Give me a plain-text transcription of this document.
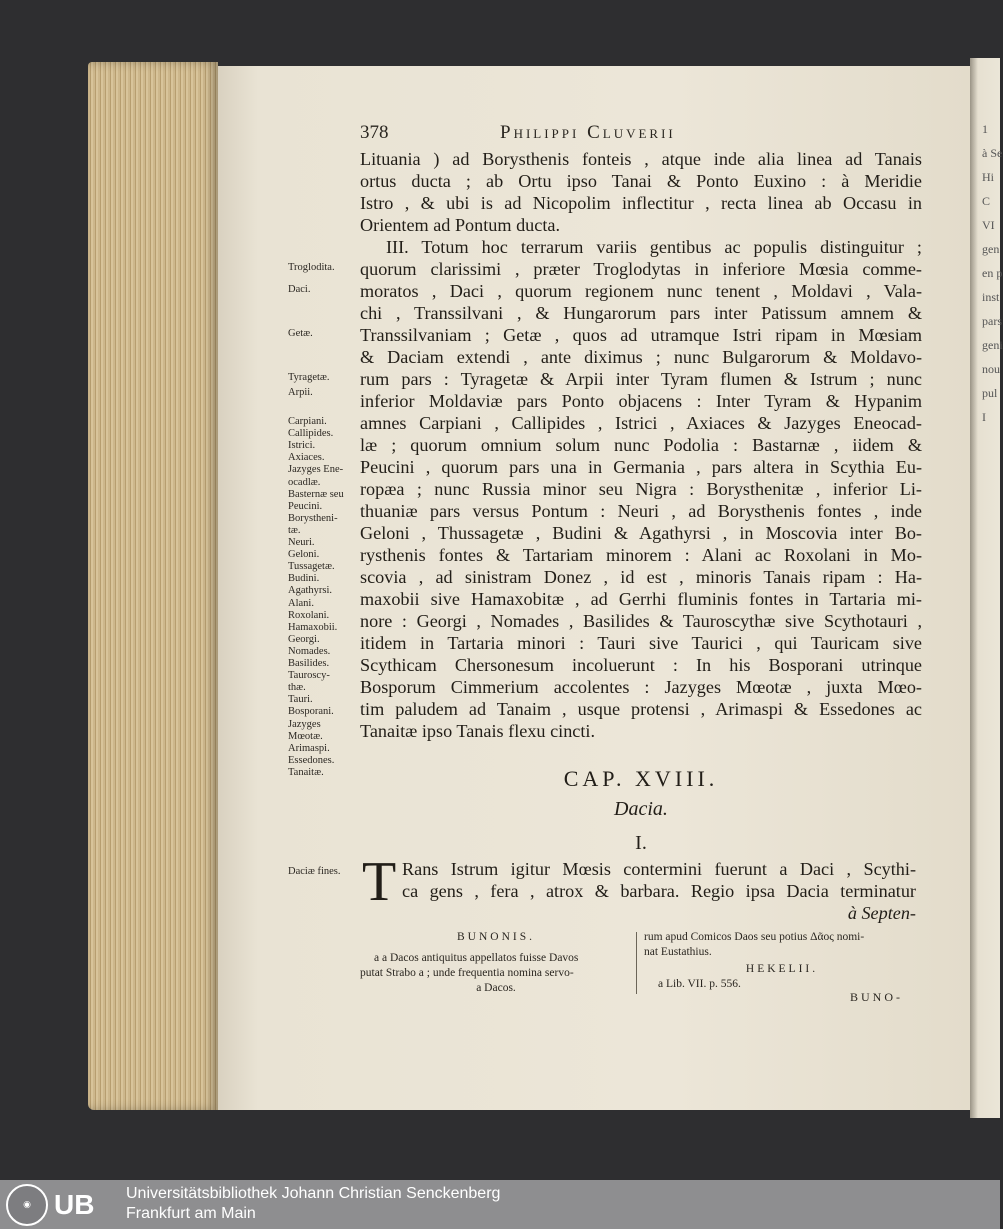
1
à Se
Hi
C
VI
gen
en p
inst
pars
geni
nou
pul
I
378	Philippi Cluverii
Lituania ) ad Borysthenis fonteis , atque inde alia linea ad Tanais
ortus ducta ; ab Ortu ipso Tanai & Ponto Euxino : à Meridie
Istro , & ubi is ad Nicopolim inflectitur , recta linea ab Occasu in
Orientem ad Pontum ducta.
III. Totum hoc terrarum variis gentibus ac populis distinguitur ;
quorum clarissimi , præter Troglodytas in inferiore Mœsia comme-
moratos , Daci , quorum regionem nunc tenent , Moldavi , Vala-
chi , Transsilvani , & Hungarorum pars inter Patissum amnem &
Transsilvaniam ; Getæ , quos ad utramque Istri ripam in Mœsiam
& Daciam extendi , ante diximus ; nunc Bulgarorum & Moldavo-
rum pars : Tyragetæ & Arpii inter Tyram flumen & Istrum ; nunc
inferior Moldaviæ pars Ponto objacens : Inter Tyram & Hypanim
amnes Carpiani , Callipides , Istrici , Axiaces & Jazyges Eneocad-
læ ; quorum omnium solum nunc Podolia : Bastarnæ , iidem &
Peucini , quorum pars una in Germania , pars altera in Scythia Eu-
ropæa ; nunc Russia minor seu Nigra : Borysthenitæ , inferior Li-
thuaniæ pars versus Pontum : Neuri , ad Borysthenis fontes , inde
Geloni , Thussagetæ , Budini & Agathyrsi , in Moscovia inter Bo-
rysthenis fontes & Tartariam minorem : Alani ac Roxolani in Mo-
scovia , ad sinistram Donez , id est , minoris Tanais ripam : Ha-
maxobii sive Hamaxobitæ , ad Gerrhi fluminis fontes in Tartaria mi-
nore : Georgi , Nomades , Basilides & Tauroscythæ sive Scythotauri ,
itidem in Tartaria minori : Tauri sive Taurici , qui Tauricam sive
Scythicam Chersonesum incoluerunt : In his Bosporani utrinque
Bosporum Cimmerium accolentes : Jazyges Mœotæ , juxta Mœo-
tim paludem ad Tanaim , usque protensi , Arimaspi & Essedones ac
Tanaitæ ipso Tanais flexu cincti.
Troglodita.
Daci.
Getæ.
Tyragetæ.
Arpii.
Carpiani.
Callipides.
Istrici.
Axiaces.
Jazyges Ene-
ocadlæ.
Basternæ seu
Peucini.
Borystheni-
tæ.
Neuri.
Geloni.
Tussagetæ.
Budini.
Agathyrsi.
Alani.
Roxolani.
Hamaxobii.
Georgi.
Nomades.
Basilides.
Tauroscy-
thæ.
Tauri.
Bosporani.
Jazyges
Mœotæ.
Arimaspi.
Essedones.
Tanaitæ.	CAP. XVIII.
Dacia.
I.
Daciæ fines. T Rans Istrum igitur Mœsis contermini fuerunt a Daci , Scythi-
ca gens , fera , atrox & barbara. Regio ipsa Dacia terminatur
à Septen-
BUNONIS.
a a Dacos antiquitus appellatos fuisse Davos
putat Strabo a ; unde frequentia nomina servo-
a Dacos.
rum apud Comicos Daos seu potius Δᾶος nomi-
nat Eustathius.
HEKELII.
a Lib. VII. p. 556.
BUNO-
◉ UB Universitätsbibliothek Johann Christian Senckenberg
Frankfurt am Main
